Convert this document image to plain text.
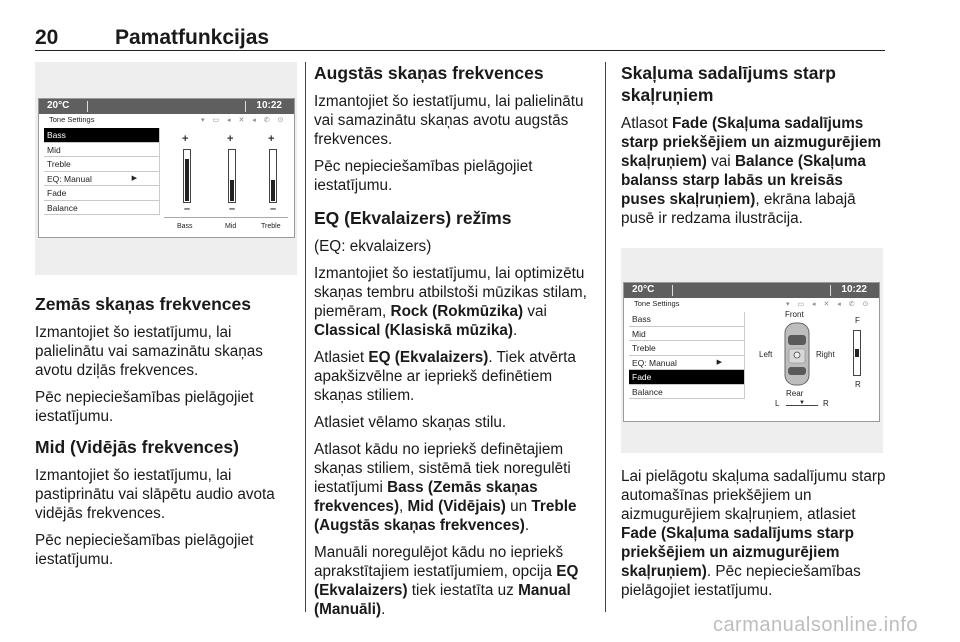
20	Pamatfunkcijas
20°C	10:22
Tone Settings	▾ ▭ ◂ ✕ ◂ ✆ ⊙
Bass
Mid
Treble
EQ: Manual	▶
Fade
Balance
+
–
+
–
+
–
Bass	Mid	Treble
Zemās skaņas frekvences

Izmantojiet šo iestatījumu, lai palielinātu vai samazinātu skaņas avotu dziļās frekvences.

Pēc nepieciešamības pielāgojiet iestatījumu.

Mid (Vidējās frekvences)

Izmantojiet šo iestatījumu, lai pastiprinātu vai slāpētu audio avota vidējās frekvences.

Pēc nepieciešamības pielāgojiet iestatījumu.

Augstās skaņas frekvences

Izmantojiet šo iestatījumu, lai palielinātu vai samazinātu skaņas avotu augstās frekvences.

Pēc nepieciešamības pielāgojiet iestatījumu.

EQ (Ekvalaizers) režīms

(EQ: ekvalaizers)

Izmantojiet šo iestatījumu, lai optimizētu skaņas tembru atbilstoši mūzikas stilam, piemēram, Rock (Rokmūzika) vai Classical (Klasiskā mūzika).

Atlasiet EQ (Ekvalaizers). Tiek atvērta apakšizvēlne ar iepriekš definētiem skaņas stiliem.

Atlasiet vēlamo skaņas stilu.

Atlasot kādu no iepriekš definētajiem skaņas stiliem, sistēmā tiek noregulēti iestatījumi Bass (Zemās skaņas frekvences), Mid (Vidējais) un Treble (Augstās skaņas frekvences).

Manuāli noregulējot kādu no iepriekš aprakstītajiem iestatījumiem, opcija EQ (Ekvalaizers) tiek iestatīta uz Manual (Manuāli).

Skaļuma sadalījums starp skaļruņiem

Atlasot Fade (Skaļuma sadalījums starp priekšējiem un aizmugurējiem skaļruņiem) vai Balance (Skaļuma balanss starp labās un kreisās puses skaļruņiem), ekrāna labajā pusē ir redzama ilustrācija.

20°C	10:22
Tone Settings	▾ ▭ ◂ ✕ ◂ ✆ ⊙
Bass
Mid
Treble
EQ: Manual	▶
Fade
Balance
Front
Left	Right
Rear
F
R
L	▼ R

Lai pielāgotu skaļuma sadalījumu starp automašīnas priekšējiem un aizmugurējiem skaļruņiem, atlasiet Fade (Skaļuma sadalījums starp priekšējiem un aizmugurējiem skaļruņiem). Pēc nepieciešamības pielāgojiet iestatījumu.

carmanualsonline.info
